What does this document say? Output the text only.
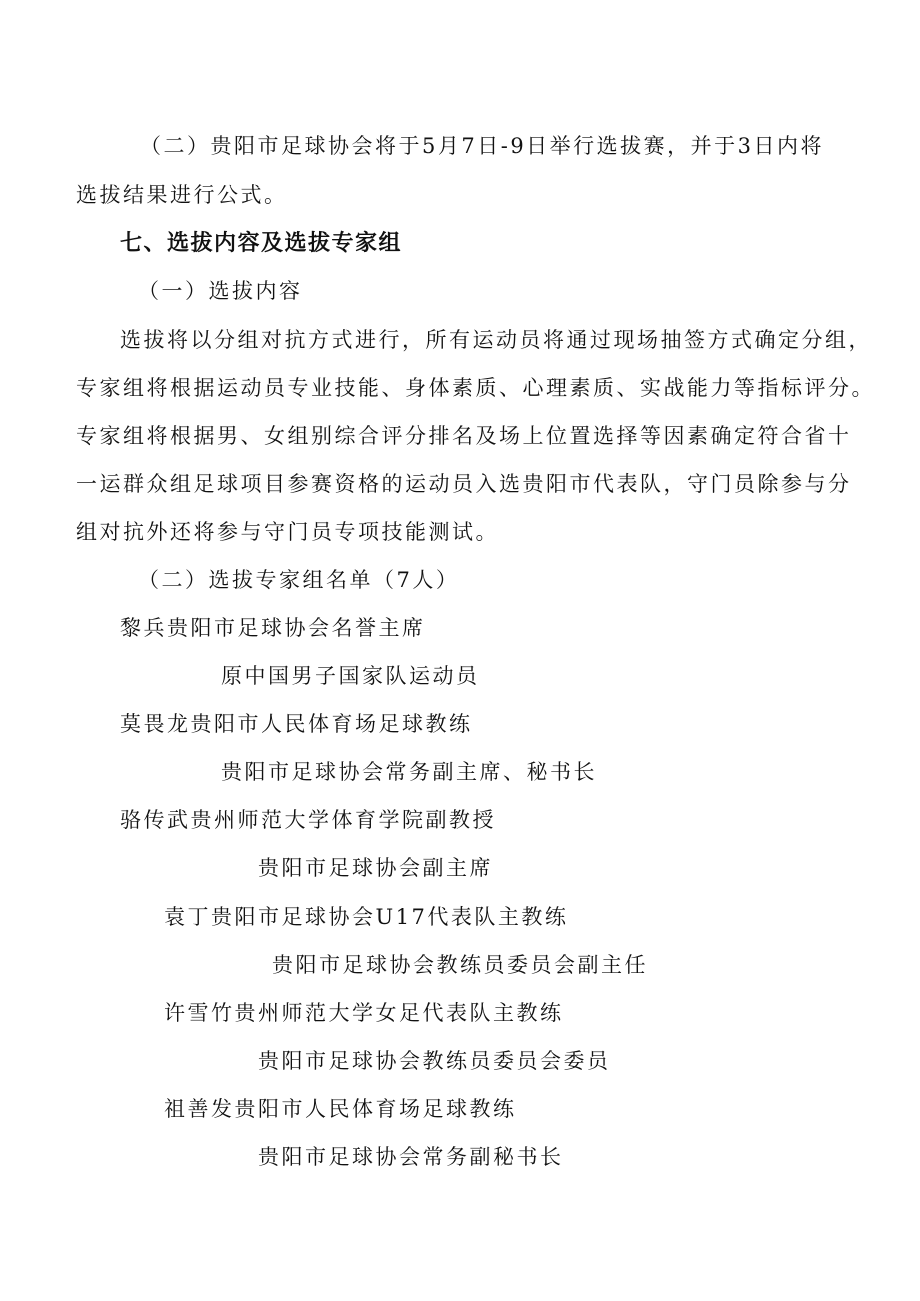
（二）贵阳市足球协会将于5月7日-9日举行选拔赛，并于3日内将
选拔结果进行公式。
七、选拔内容及选拔专家组
（一）选拔内容
选拔将以分组对抗方式进行，所有运动员将通过现场抽签方式确定分组，
专家组将根据运动员专业技能、身体素质、心理素质、实战能力等指标评分。
专家组将根据男、女组别综合评分排名及场上位置选择等因素确定符合省十
一运群众组足球项目参赛资格的运动员入选贵阳市代表队，守门员除参与分
组对抗外还将参与守门员专项技能测试。
（二）选拔专家组名单（7人）
黎兵贵阳市足球协会名誉主席
原中国男子国家队运动员
莫畏龙贵阳市人民体育场足球教练
贵阳市足球协会常务副主席、秘书长
骆传武贵州师范大学体育学院副教授
贵阳市足球协会副主席
袁丁贵阳市足球协会U17代表队主教练
贵阳市足球协会教练员委员会副主任
许雪竹贵州师范大学女足代表队主教练
贵阳市足球协会教练员委员会委员
祖善发贵阳市人民体育场足球教练
贵阳市足球协会常务副秘书长
